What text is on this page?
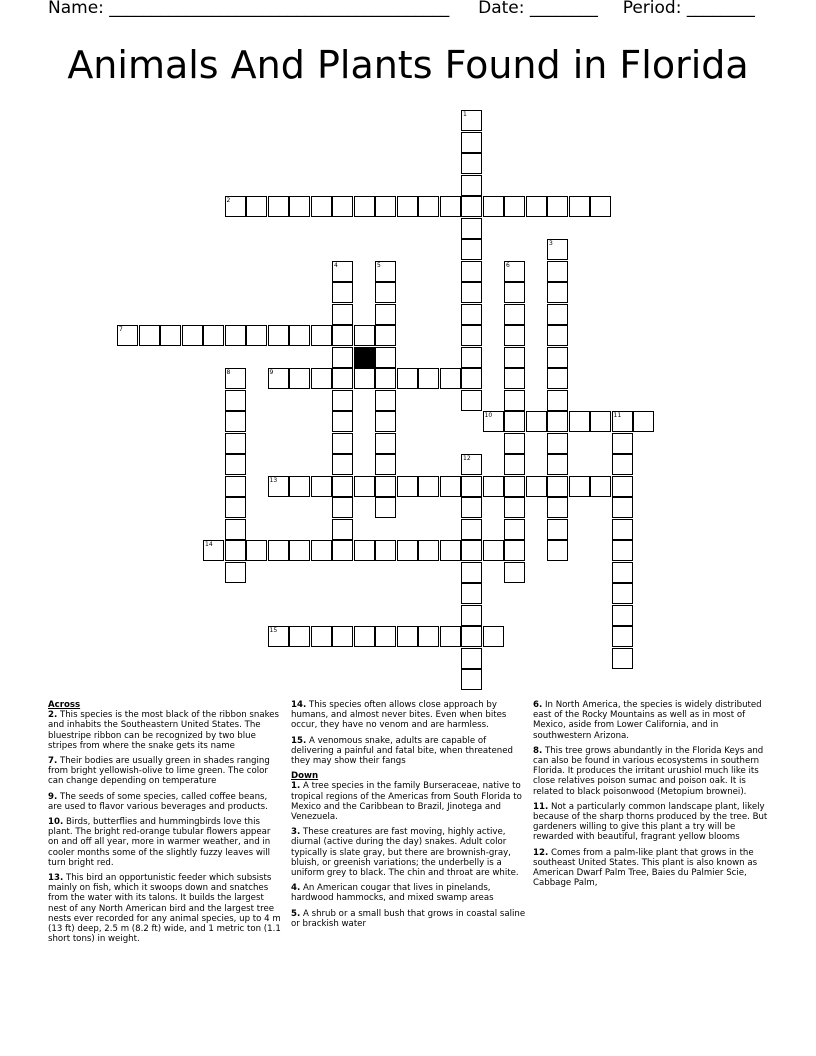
Name: ________________________________________ Date: ________ Period: ________
Animals And Plants Found in Florida
1
2
3
4	5	6
7
8	9
10	11
12
13
14
15
Across
2. This species is the most black of the ribbon snakes and inhabits the Southeastern United States. The bluestripe ribbon can be recognized by two blue stripes from where the snake gets its name
7. Their bodies are usually green in shades ranging from bright yellowish-olive to lime green. The color can change depending on temperature
9. The seeds of some species, called coffee beans, are used to flavor various beverages and products.
10. Birds, butterflies and hummingbirds love this plant. The bright red-orange tubular flowers appear on and off all year, more in warmer weather, and in cooler months some of the slightly fuzzy leaves will turn bright red.
13. This bird an opportunistic feeder which subsists mainly on fish, which it swoops down and snatches from the water with its talons. It builds the largest nest of any North American bird and the largest tree nests ever recorded for any animal species, up to 4 m (13 ft) deep, 2.5 m (8.2 ft) wide, and 1 metric ton (1.1 short tons) in weight.
14. This species often allows close approach by humans, and almost never bites. Even when bites occur, they have no venom and are harmless.
15. A venomous snake, adults are capable of delivering a painful and fatal bite, when threatened they may show their fangs
Down
1. A tree species in the family Burseraceae, native to tropical regions of the Americas from South Florida to Mexico and the Caribbean to Brazil, Jinotega and Venezuela.
3. These creatures are fast moving, highly active, diurnal (active during the day) snakes. Adult color typically is slate gray, but there are brownish-gray, bluish, or greenish variations; the underbelly is a uniform grey to black. The chin and throat are white.
4. An American cougar that lives in pinelands, hardwood hammocks, and mixed swamp areas
5. A shrub or a small bush that grows in coastal saline or brackish water
6. In North America, the species is widely distributed east of the Rocky Mountains as well as in most of Mexico, aside from Lower California, and in southwestern Arizona.
8. This tree grows abundantly in the Florida Keys and can also be found in various ecosystems in southern Florida. It produces the irritant urushiol much like its close relatives poison sumac and poison oak. It is related to black poisonwood (Metopium brownei).
11. Not a particularly common landscape plant, likely because of the sharp thorns produced by the tree. But gardeners willing to give this plant a try will be rewarded with beautiful, fragrant yellow blooms
12. Comes from a palm-like plant that grows in the southeast United States. This plant is also known as American Dwarf Palm Tree, Baies du Palmier Scie, Cabbage Palm,
